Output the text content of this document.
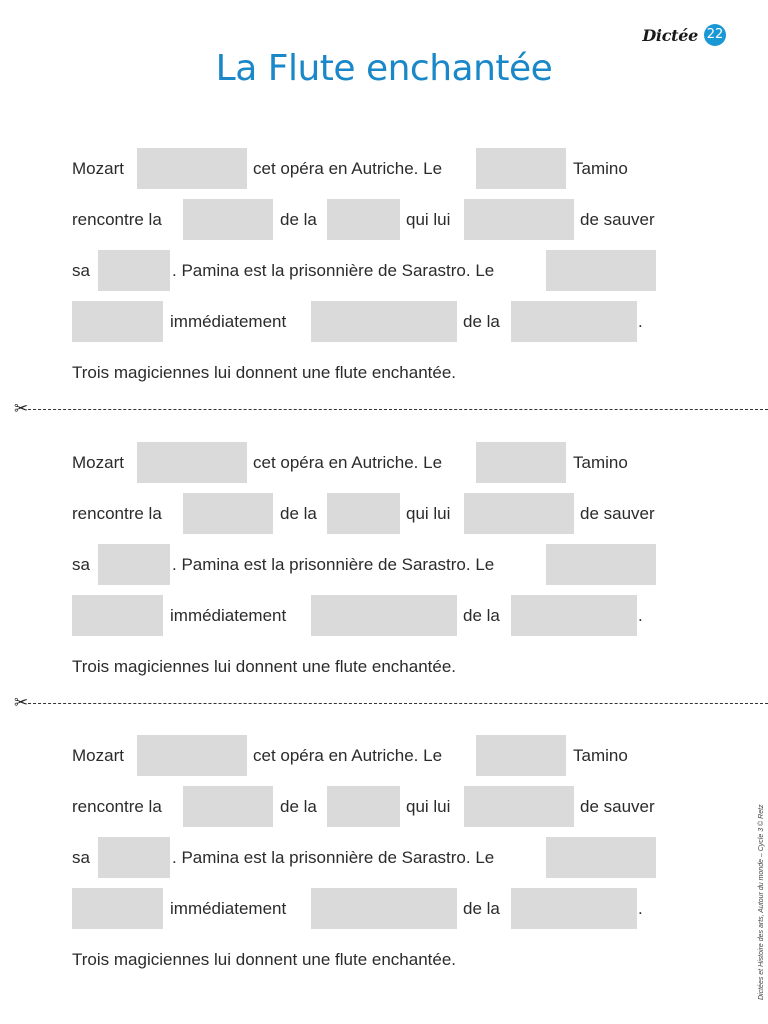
Dictée 22
La Flute enchantée
Mozart	cet opéra en Autriche. Le	Tamino
rencontre la	de la	qui lui	de sauver
sa	. Pamina est la prisonnière de Sarastro. Le
immédiatement	de la	.
Trois magiciennes lui donnent une flute enchantée.
✂
Mozart	cet opéra en Autriche. Le	Tamino
rencontre la	de la	qui lui	de sauver
sa	. Pamina est la prisonnière de Sarastro. Le
immédiatement	de la	.
Trois magiciennes lui donnent une flute enchantée.
✂
Mozart	cet opéra en Autriche. Le	Tamino
rencontre la	de la	qui lui	de sauver
sa	. Pamina est la prisonnière de Sarastro. Le
immédiatement	de la	.
Trois magiciennes lui donnent une flute enchantée.	Dictées et Histoire des arts, Autour du monde – Cycle 3 © Retz
